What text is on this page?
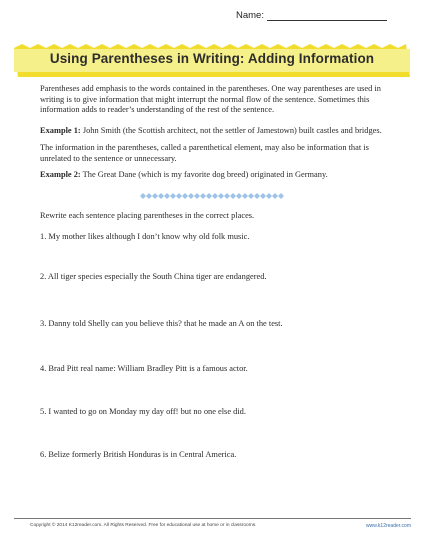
Name:
Using Parentheses in Writing: Adding Information

Parentheses add emphasis to the words contained in the parentheses. One way parentheses are used in writing is to give information that might interrupt the normal flow of the sentence. Sometimes this information adds to reader’s understanding of the rest of the sentence.

Example 1: John Smith (the Scottish architect, not the settler of Jamestown) built castles and bridges.

The information in the parentheses, called a parenthetical element, may also be information that is unrelated to the sentence or unnecessary.

Example 2: The Great Dane (which is my favorite dog breed) originated in Germany.

Rewrite each sentence placing parentheses in the correct places.

1. My mother likes although I don’t know why old folk music.

2. All tiger species especially the South China tiger are endangered.

3. Danny told Shelly can you believe this? that he made an A on the test.

4. Brad Pitt real name: William Bradley Pitt is a famous actor.

5. I wanted to go on Monday my day off! but no one else did.

6. Belize formerly British Honduras is in Central America.

Copyright © 2014 K12reader.com. All Rights Reserved. Free for educational use at home or in classrooms.	www.k12reader.com
